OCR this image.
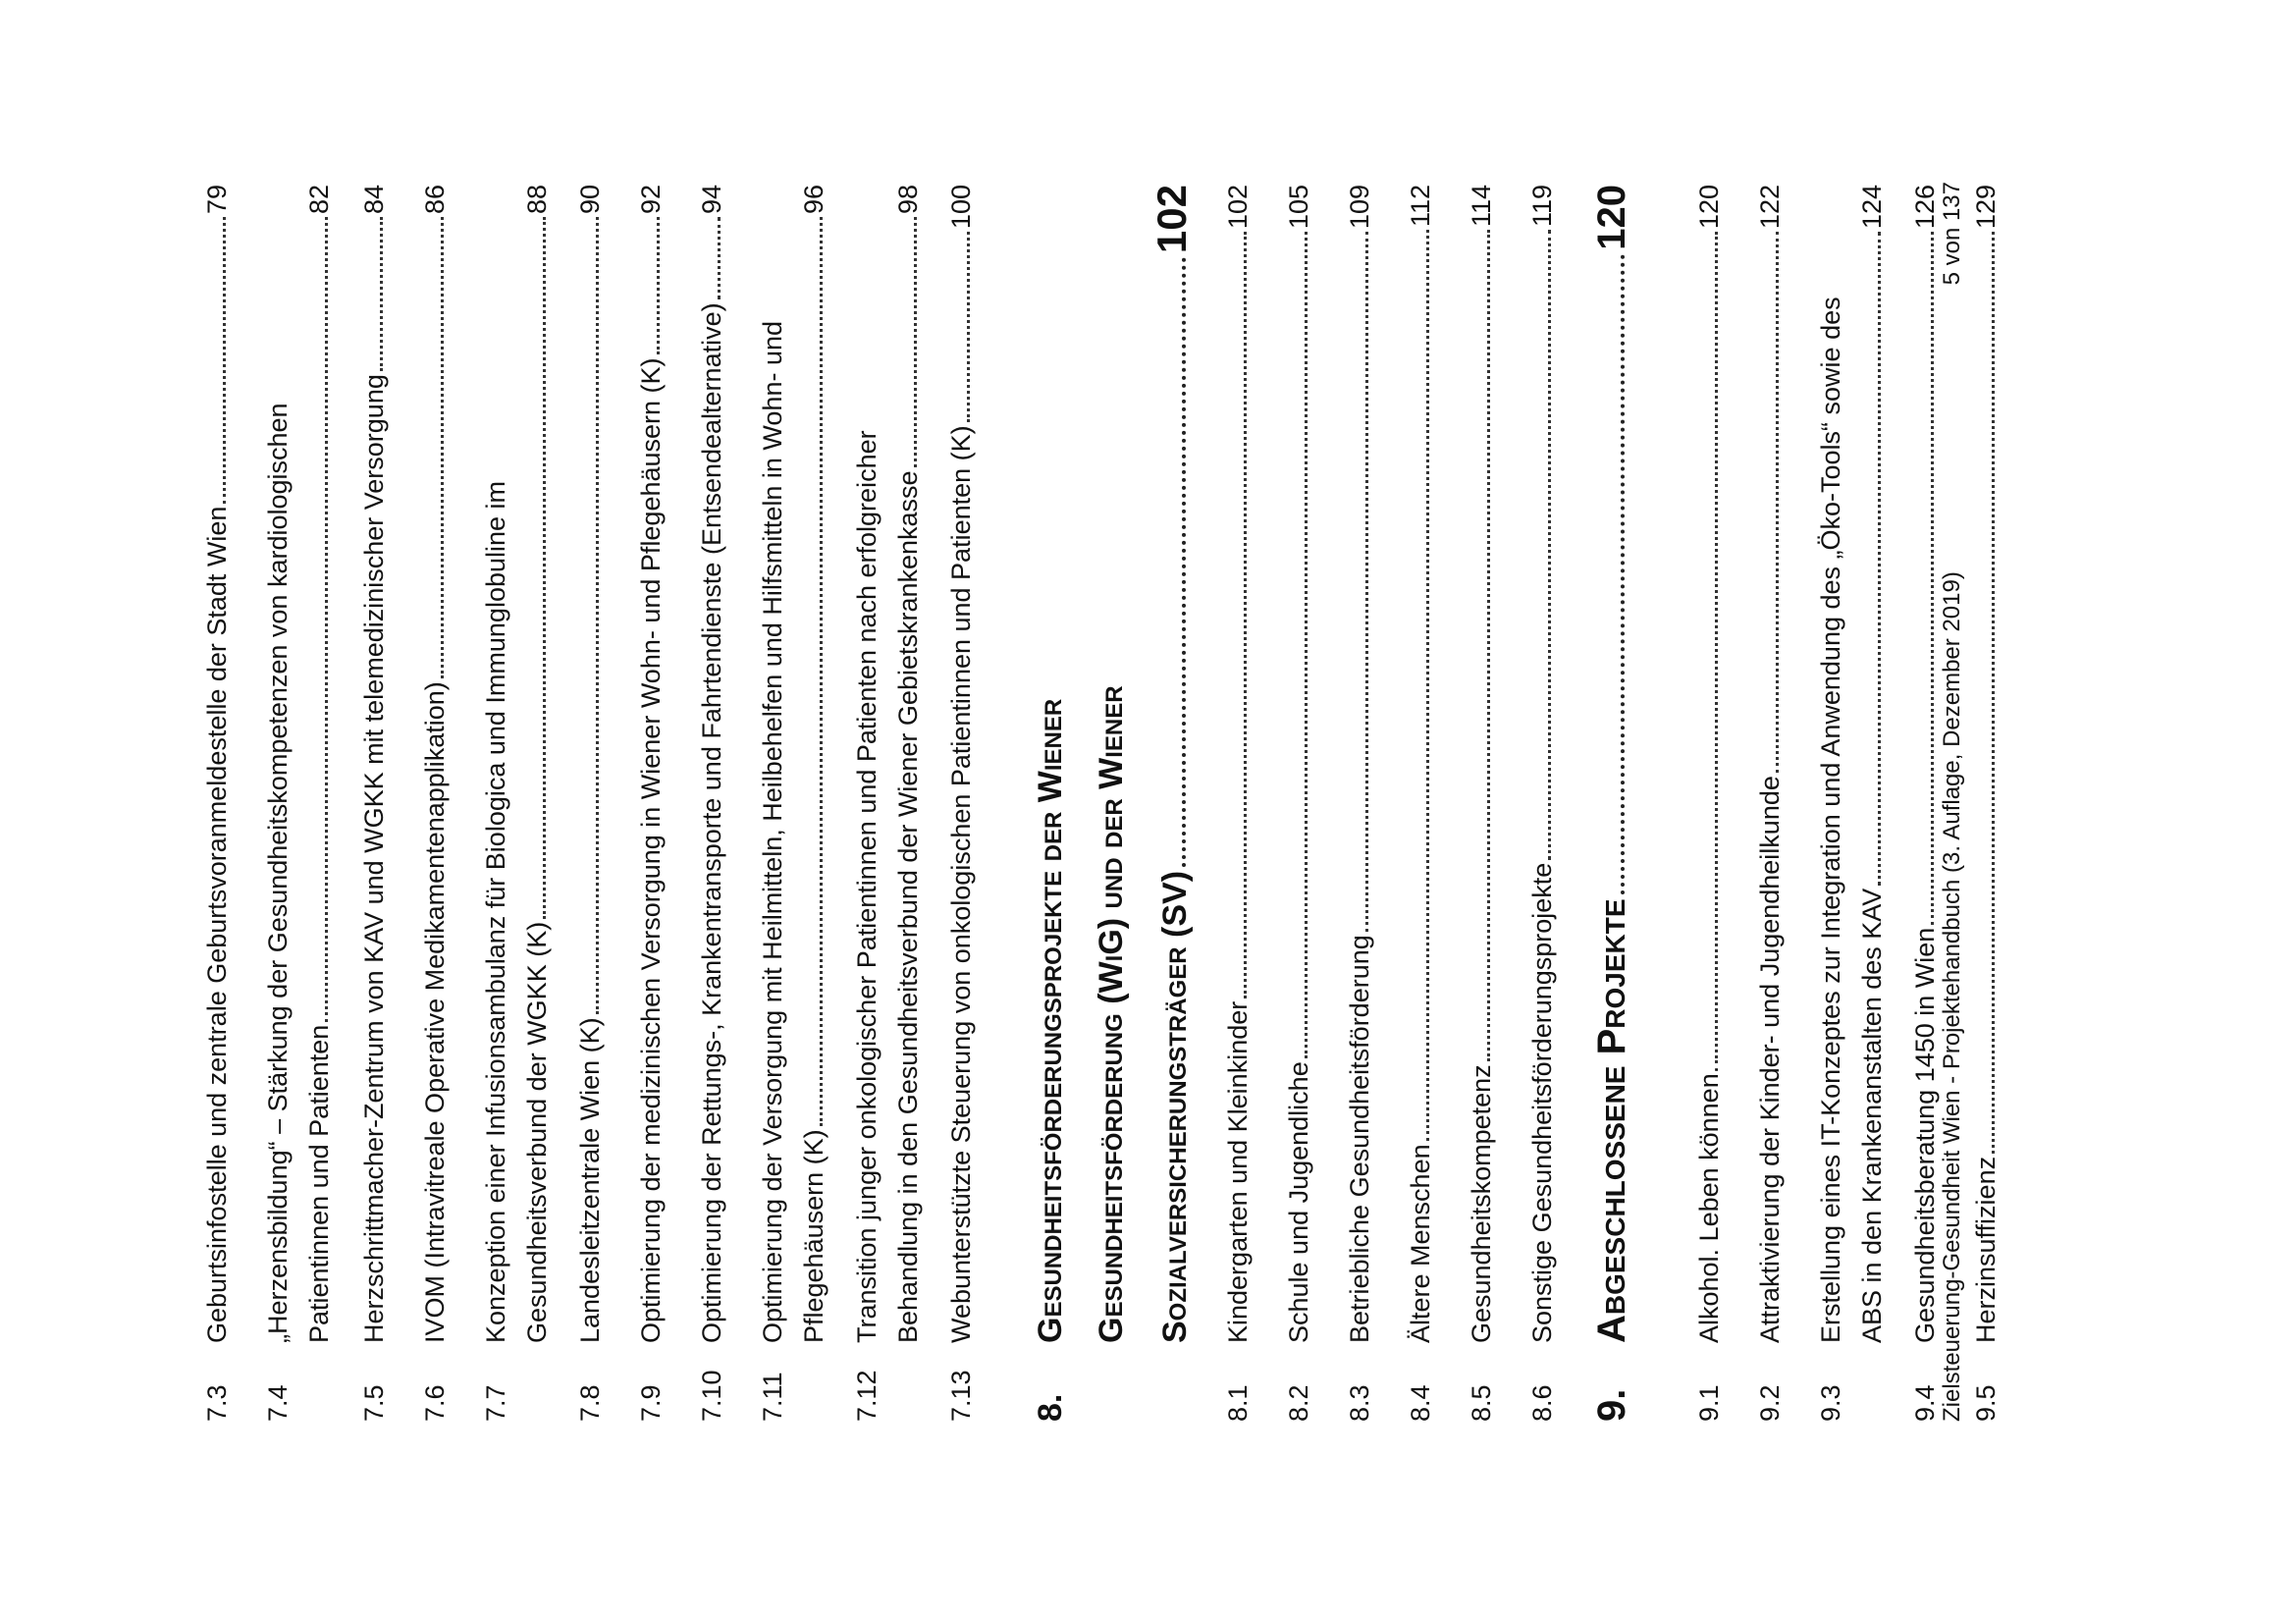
7.3
Geburtsinfostelle und zentrale Geburtsvoranmeldestelle der Stadt Wien
79
7.4
„Herzensbildung“ – Stärkung der Gesundheitskompetenzen von kardiologischen Patientinnen und Patienten
82
7.5
Herzschrittmacher-Zentrum von KAV und WGKK mit telemedizinischer Versorgung
84
7.6
IVOM (Intravitreale Operative Medikamentenapplikation)
86
7.7
Konzeption einer Infusionsambulanz für Biologica und Immunglobuline im Gesundheitsverbund der WGKK (K)
88
7.8
Landesleitzentrale Wien (K)
90
7.9
Optimierung der medizinischen Versorgung in Wiener Wohn- und Pflegehäusern (K)
92
7.10
Optimierung der Rettungs-, Krankentransporte und Fahrtendienste (Entsendealternative)
94
7.11
Optimierung der Versorgung mit Heilmitteln, Heilbehelfen und Hilfsmitteln in Wohn- und Pflegehäusern (K)
96
7.12
Transition junger onkologischer Patientinnen und Patienten nach erfolgreicher Behandlung in den Gesundheitsverbund der Wiener Gebietskrankenkasse
98
7.13
Webunterstützte Steuerung von onkologischen Patientinnen und Patienten (K)
100
8.
Gesundheitsförderungsprojekte der Wiener Gesundheitsförderung (WiG) und der Wiener Sozialversicherungsträger (SV)
102
8.1
Kindergarten und Kleinkinder
102
8.2
Schule und Jugendliche
105
8.3
Betriebliche Gesundheitsförderung
109
8.4
Ältere Menschen
112
8.5
Gesundheitskompetenz
114
8.6
Sonstige Gesundheitsförderungsprojekte
119
9.
Abgeschlossene Projekte
120
9.1
Alkohol. Leben können.
120
9.2
Attraktivierung der Kinder- und Jugendheilkunde
122
9.3
Erstellung eines IT-Konzeptes zur Integration und Anwendung des „Öko-Tools“ sowie des ABS in den Krankenanstalten des KAV
124
9.4
Gesundheitsberatung 1450 in Wien
126
9.5
Herzinsuffizienz
129
Zielsteuerung-Gesundheit Wien - Projektehandbuch (3. Auflage, Dezember 2019)
5 von 137
